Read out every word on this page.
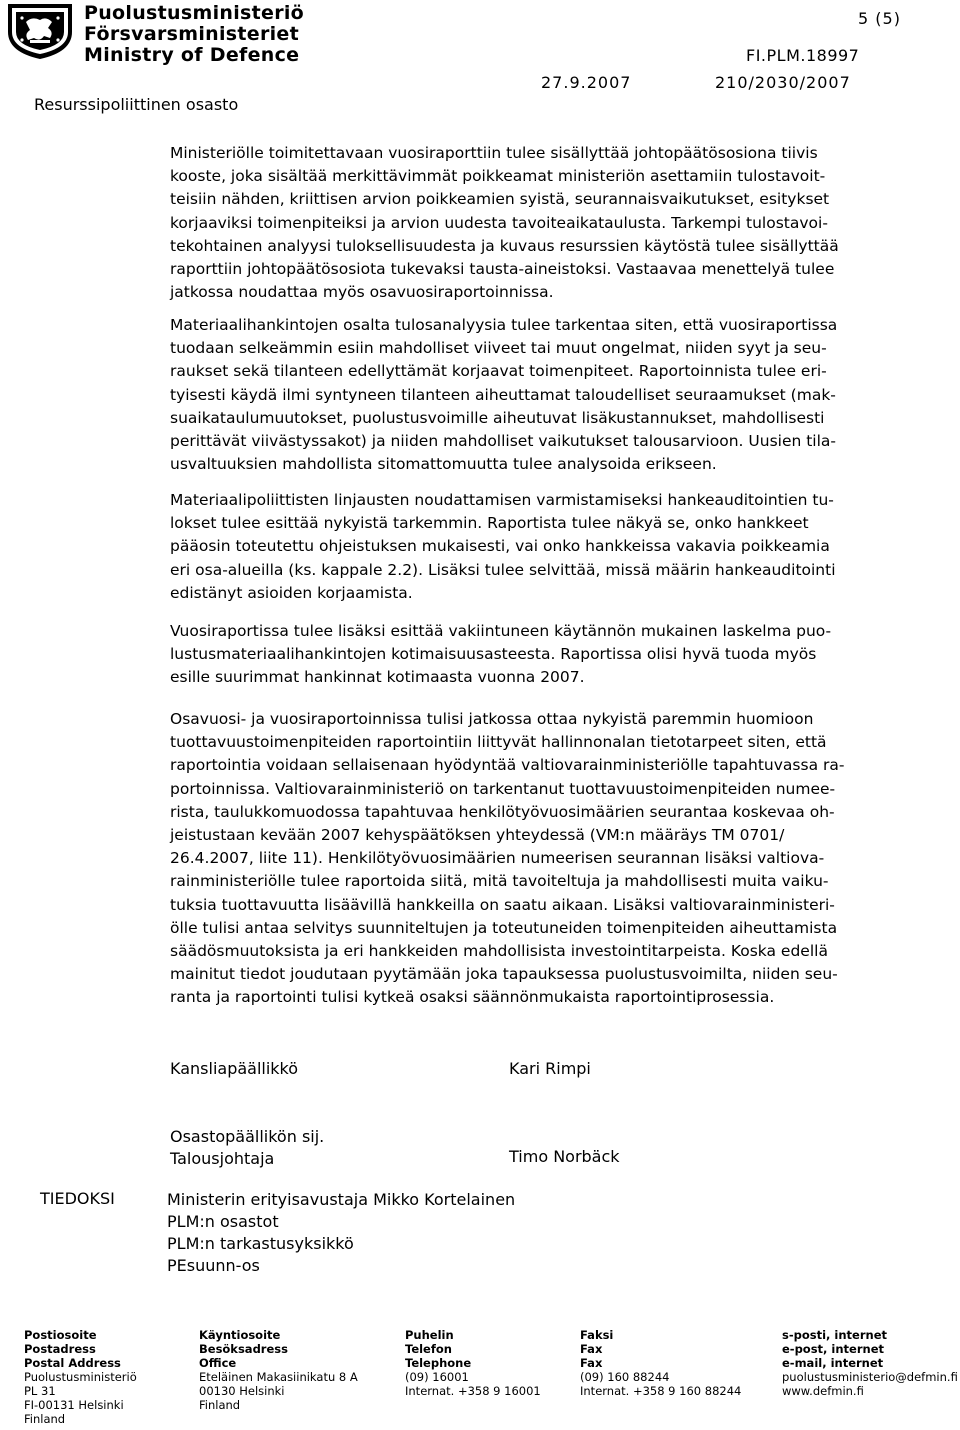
Puolustusministeriö
Försvarsministeriet
Ministry of Defence
5 (5)
FI.PLM.18997
Resurssipoliittinen osasto
27.9.2007	210/2030/2007
Ministeriölle toimitettavaan vuosiraporttiin tulee sisällyttää johtopäätösosiona tiivis
kooste, joka sisältää merkittävimmät poikkeamat ministeriön asettamiin tulostavoit-
teisiin nähden, kriittisen arvion poikkeamien syistä, seurannaisvaikutukset, esitykset
korjaaviksi toimenpiteiksi ja arvion uudesta tavoiteaikataulusta. Tarkempi tulostavoi-
tekohtainen analyysi tuloksellisuudesta ja kuvaus resurssien käytöstä tulee sisällyttää
raporttiin johtopäätösosiota tukevaksi tausta-aineistoksi. Vastaavaa menettelyä tulee
jatkossa noudattaa myös osavuosiraportoinnissa.
Materiaalihankintojen osalta tulosanalyysia tulee tarkentaa siten, että vuosiraportissa
tuodaan selkeämmin esiin mahdolliset viiveet tai muut ongelmat, niiden syyt ja seu-
raukset sekä tilanteen edellyttämät korjaavat toimenpiteet. Raportoinnista tulee eri-
tyisesti käydä ilmi syntyneen tilanteen aiheuttamat taloudelliset seuraamukset (mak-
suaikataulumuutokset, puolustusvoimille aiheutuvat lisäkustannukset, mahdollisesti
perittävät viivästyssakot) ja niiden mahdolliset vaikutukset talousarvioon. Uusien tila-
usvaltuuksien mahdollista sitomattomuutta tulee analysoida erikseen.
Materiaalipoliittisten linjausten noudattamisen varmistamiseksi hankeauditointien tu-
lokset tulee esittää nykyistä tarkemmin. Raportista tulee näkyä se, onko hankkeet
pääosin toteutettu ohjeistuksen mukaisesti, vai onko hankkeissa vakavia poikkeamia
eri osa-alueilla (ks. kappale 2.2). Lisäksi tulee selvittää, missä määrin hankeauditointi
edistänyt asioiden korjaamista.
Vuosiraportissa tulee lisäksi esittää vakiintuneen käytännön mukainen laskelma puo-
lustusmateriaalihankintojen kotimaisuusasteesta. Raportissa olisi hyvä tuoda myös
esille suurimmat hankinnat kotimaasta vuonna 2007.
Osavuosi- ja vuosiraportoinnissa tulisi jatkossa ottaa nykyistä paremmin huomioon
tuottavuustoimenpiteiden raportointiin liittyvät hallinnonalan tietotarpeet siten, että
raportointia voidaan sellaisenaan hyödyntää valtiovarainministeriölle tapahtuvassa ra-
portoinnissa. Valtiovarainministeriö on tarkentanut tuottavuustoimenpiteiden numee-
rista, taulukkomuodossa tapahtuvaa henkilötyövuosimäärien seurantaa koskevaa oh-
jeistustaan kevään 2007 kehyspäätöksen yhteydessä (VM:n määräys TM 0701/
26.4.2007, liite 11). Henkilötyövuosimäärien numeerisen seurannan lisäksi valtiova-
rainministeriölle tulee raportoida siitä, mitä tavoiteltuja ja mahdollisesti muita vaiku-
tuksia tuottavuutta lisäävillä hankkeilla on saatu aikaan. Lisäksi valtiovarainministeri-
ölle tulisi antaa selvitys suunniteltujen ja toteutuneiden toimenpiteiden aiheuttamista
säädösmuutoksista ja eri hankkeiden mahdollisista investointitarpeista. Koska edellä
mainitut tiedot joudutaan pyytämään joka tapauksessa puolustusvoimilta, niiden seu-
ranta ja raportointi tulisi kytkeä osaksi säännönmukaista raportointiprosessia.
Kansliapäällikkö	Kari Rimpi
Osastopäällikön sij.
Talousjohtaja	Timo Norbäck
TIEDOKSI	Ministerin erityisavustaja Mikko Kortelainen
PLM:n osastot
PLM:n tarkastusyksikkö
PEsuunn-os
Postiosoite
Postadress
Postal Address
Puolustusministeriö
PL 31
FI-00131 Helsinki
Finland
Käyntiosoite
Besöksadress
Office
Eteläinen Makasiinikatu 8 A
00130 Helsinki
Finland
Puhelin
Telefon
Telephone
(09) 16001
Internat. +358 9 16001
Faksi
Fax
Fax
(09) 160 88244
Internat. +358 9 160 88244
s-posti, internet
e-post, internet
e-mail, internet
puolustusministerio@defmin.fi
www.defmin.fi
